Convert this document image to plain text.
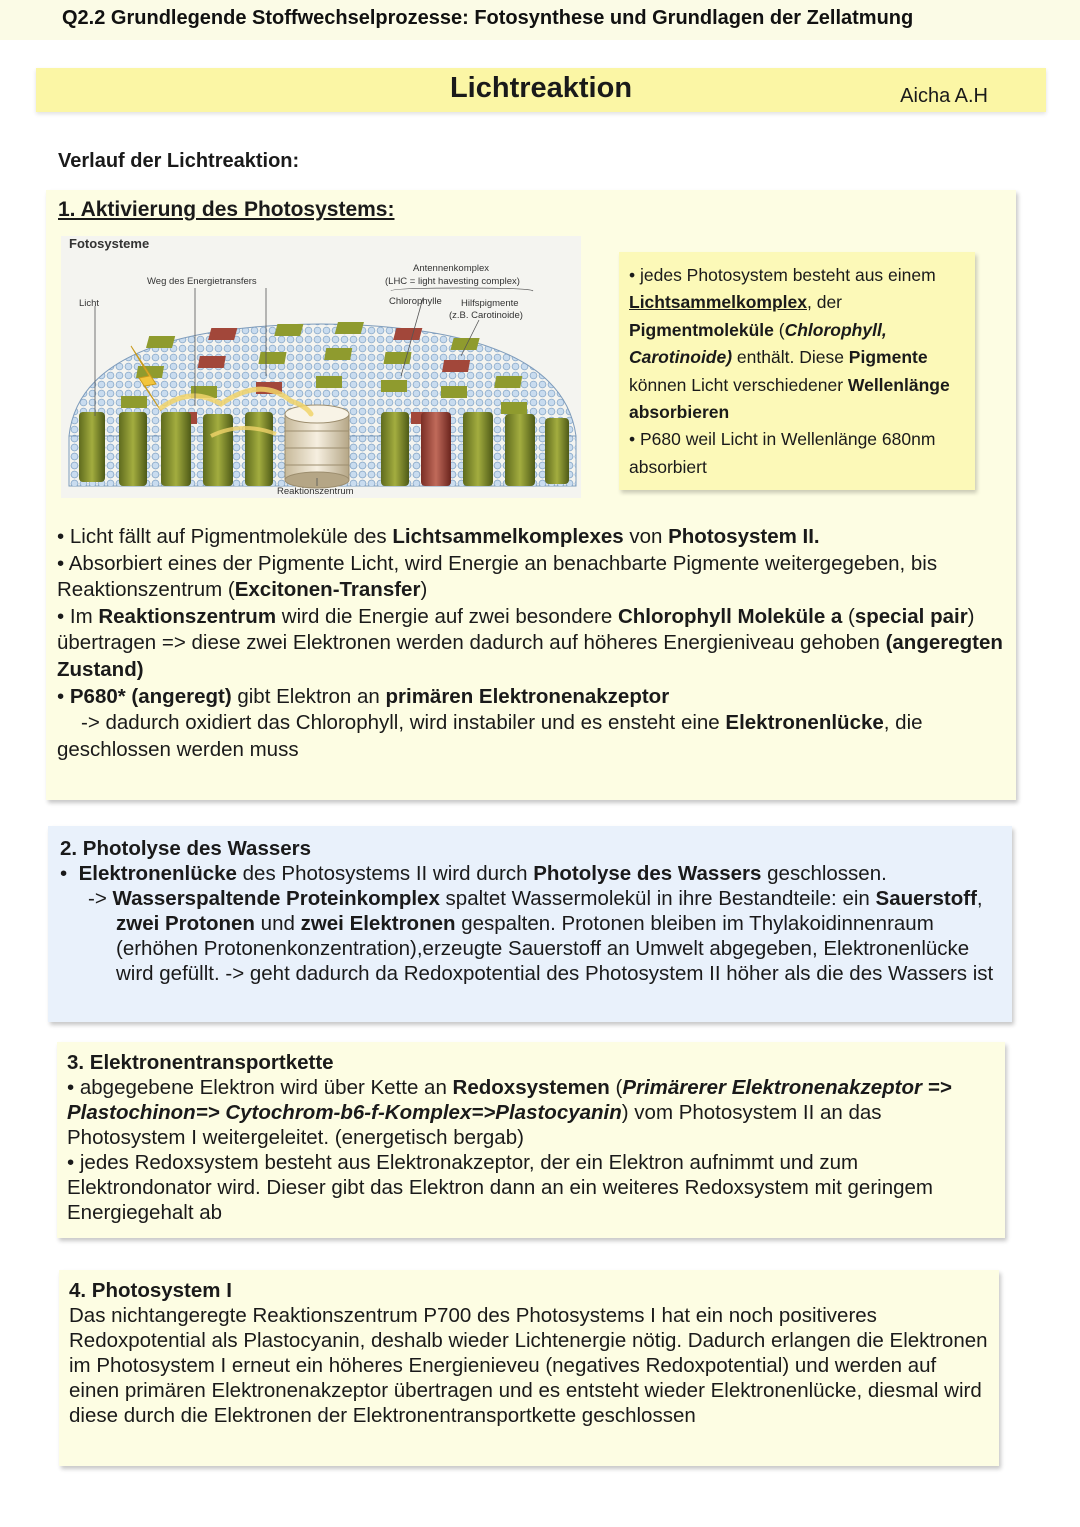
Q2.2 Grundlegende Stoffwechselprozesse: Fotosynthese und Grundlagen der Zellatmung
Lichtreaktion	Aicha A.H
Verlauf der Lichtreaktion:
1. Aktivierung des Photosystems:
Fotosysteme
Licht
Weg des Energietransfers
Antennenkomplex
(LHC = light havesting complex)
Chlorophylle Hilfspigmente
(z.B. Carotinoide)
Reaktionszentrum
• jedes Photosystem besteht aus einem Lichtsammelkomplex, der Pigmentmoleküle (Chlorophyll, Carotinoide) enthält. Diese Pigmente können Licht verschiedener Wellenlänge absorbieren
• P680 weil Licht in Wellenlänge 680nm absorbiert

• Licht fällt auf Pigmentmoleküle des Lichtsammelkomplexes von Photosystem II.

• Absorbiert eines der Pigmente Licht, wird Energie an benachbarte Pigmente weitergegeben, bis Reaktionszentrum (Excitonen-Transfer)

• Im Reaktionszentrum wird die Energie auf zwei besondere Chlorophyll Moleküle a (special pair) übertragen => diese zwei Elektronen werden dadurch auf höheres Energieniveau gehoben (angeregten Zustand)

• P680* (angeregt) gibt Elektron an primären Elektronenakzeptor

-> dadurch oxidiert das Chlorophyll, wird instabiler und es ensteht eine Elektronenlücke, die

geschlossen werden muss

2. Photolyse des Wassers

•  Elektronenlücke des Photosystems II wird durch Photolyse des Wassers geschlossen.

-> Wasserspaltende Proteinkomplex spaltet Wassermolekül in ihre Bestandteile: ein Sauerstoff, zwei Protonen und zwei Elektronen gespalten. Protonen bleiben im Thylakoidinnenraum (erhöhen Protonenkonzentration),erzeugte Sauerstoff an Umwelt abgegeben, Elektronenlücke wird gefüllt. -> geht dadurch da Redoxpotential des Photosystem II höher als die des Wassers ist

3. Elektronentransportkette

• abgegebene Elektron wird über Kette an Redoxsystemen (Primärerer Elektronenakzeptor => Plastochinon=> Cytochrom-b6-f-Komplex=>Plastocyanin) vom Photosystem II an das Photosystem I weitergeleitet. (energetisch bergab)

• jedes Redoxsystem besteht aus Elektronakzeptor, der ein Elektron aufnimmt und zum Elektrondonator wird. Dieser gibt das Elektron dann an ein weiteres Redoxsystem mit geringem Energiegehalt ab

4. Photosystem I

Das nichtangeregte Reaktionszentrum P700 des Photosystems I hat ein noch positiveres Redoxpotential als Plastocyanin, deshalb wieder Lichtenergie nötig. Dadurch erlangen die Elektronen im Photosystem I erneut ein höheres Energienieveu (negatives Redoxpotential) und werden auf einen primären Elektronenakzeptor übertragen und es entsteht wieder Elektronenlücke, diesmal wird diese durch die Elektronen der Elektronentransportkette geschlossen
